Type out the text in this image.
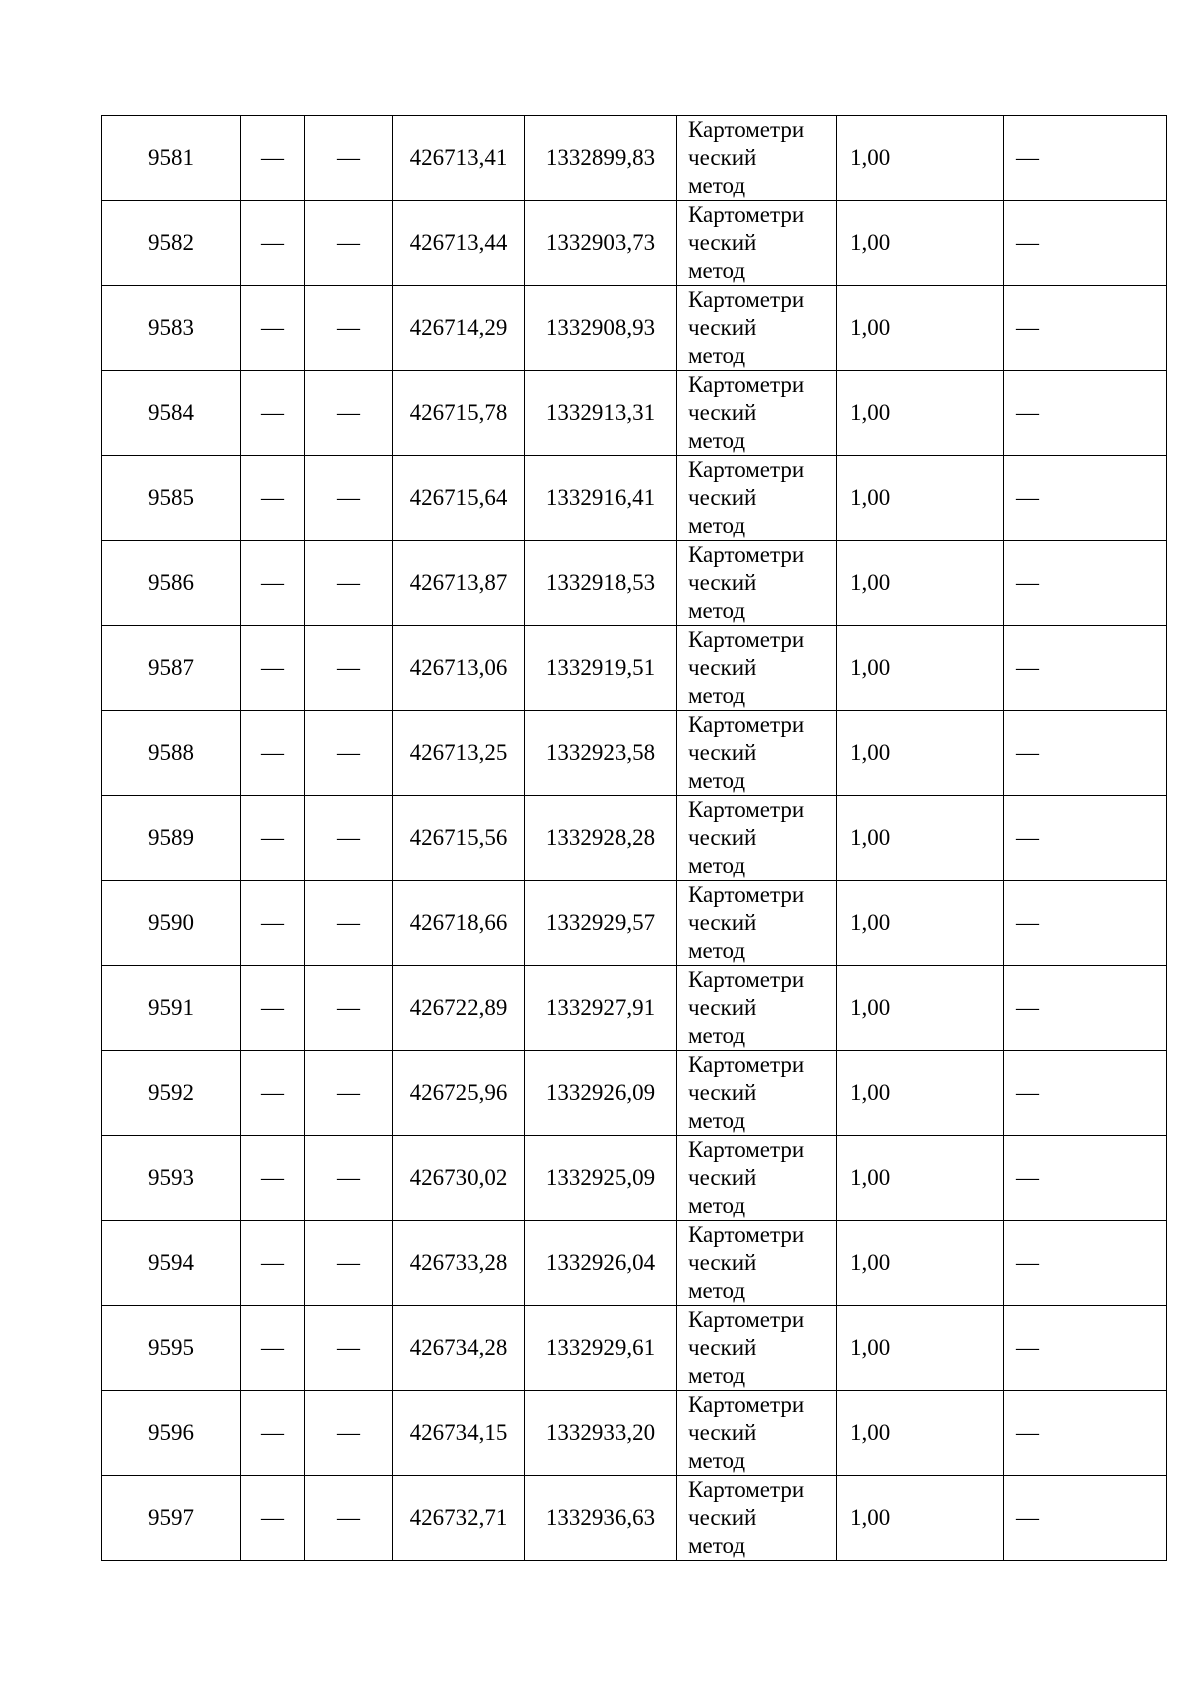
9581	—	—	426713,41	1332899,83	Картометри
ческий
метод	1,00	—
9582	—	—	426713,44	1332903,73	Картометри
ческий
метод	1,00	—
9583	—	—	426714,29	1332908,93	Картометри
ческий
метод	1,00	—
9584	—	—	426715,78	1332913,31	Картометри
ческий
метод	1,00	—
9585	—	—	426715,64	1332916,41	Картометри
ческий
метод	1,00	—
9586	—	—	426713,87	1332918,53	Картометри
ческий
метод	1,00	—
9587	—	—	426713,06	1332919,51	Картометри
ческий
метод	1,00	—
9588	—	—	426713,25	1332923,58	Картометри
ческий
метод	1,00	—
9589	—	—	426715,56	1332928,28	Картометри
ческий
метод	1,00	—
9590	—	—	426718,66	1332929,57	Картометри
ческий
метод	1,00	—
9591	—	—	426722,89	1332927,91	Картометри
ческий
метод	1,00	—
9592	—	—	426725,96	1332926,09	Картометри
ческий
метод	1,00	—
9593	—	—	426730,02	1332925,09	Картометри
ческий
метод	1,00	—
9594	—	—	426733,28	1332926,04	Картометри
ческий
метод	1,00	—
9595	—	—	426734,28	1332929,61	Картометри
ческий
метод	1,00	—
9596	—	—	426734,15	1332933,20	Картометри
ческий
метод	1,00	—
9597	—	—	426732,71	1332936,63	Картометри
ческий
метод	1,00	—
